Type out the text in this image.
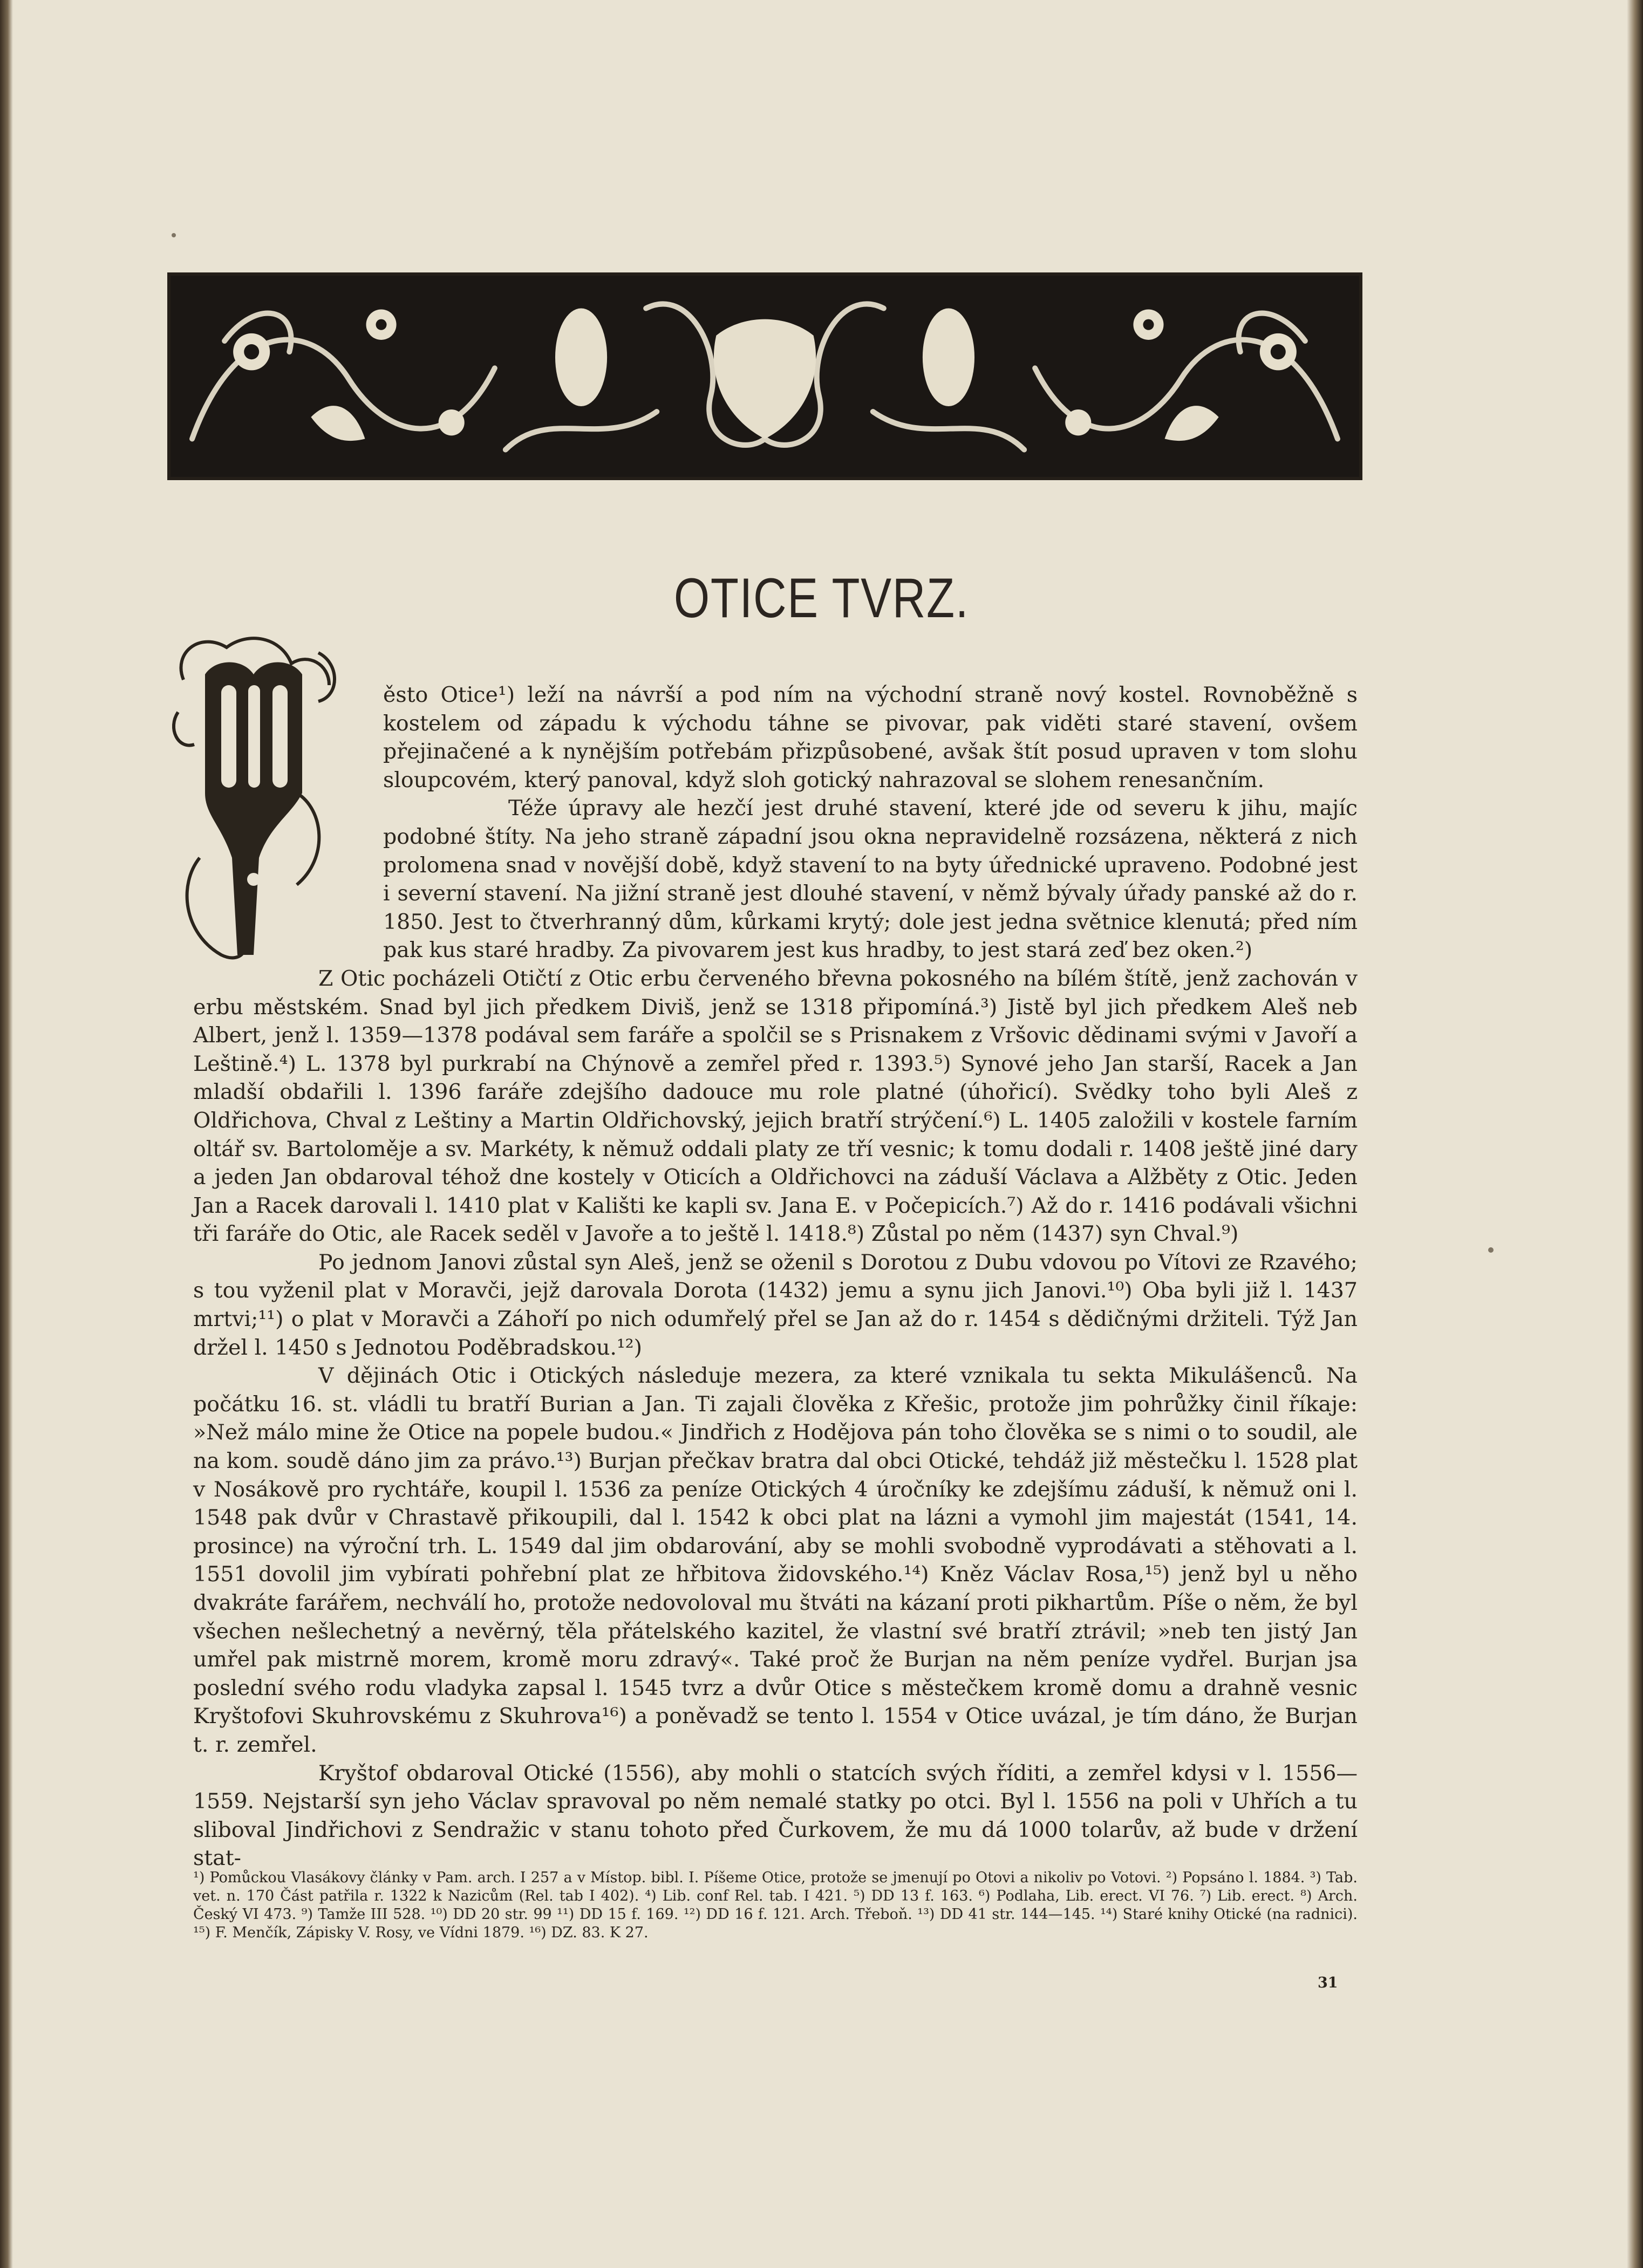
OTICE TVRZ.

ěsto Otice¹) leží na návrší a pod ním na východní straně nový kostel. Rovnoběžně s kostelem od západu k východu táhne se pivovar, pak viděti staré stavení, ovšem přejinačené a k nynějším potřebám přizpůsobené, avšak štít posud upraven v tom slohu sloupcovém, který panoval, když sloh gotický nahrazoval se slohem renesančním.

Téže úpravy ale hezčí jest druhé stavení, které jde od severu k jihu, majíc podobné štíty. Na jeho straně západní jsou okna nepravidelně rozsázena, některá z nich prolomena snad v novější době, když stavení to na byty úřednické upraveno. Podobné jest i severní stavení. Na jižní straně jest dlouhé stavení, v němž bývaly úřady panské až do r. 1850. Jest to čtverhranný dům, kůrkami krytý; dole jest jedna světnice klenutá; před ním pak kus staré hradby. Za pivovarem jest kus hradby, to jest stará zeď bez oken.²)

Z Otic pocházeli Otičtí z Otic erbu červeného břevna pokosného na bílém štítě, jenž zachován v erbu městském. Snad byl jich předkem Diviš, jenž se 1318 připomíná.³) Jistě byl jich předkem Aleš neb Albert, jenž l. 1359—1378 podával sem faráře a spolčil se s Prisnakem z Vršovic dědinami svými v Javoří a Leštině.⁴) L. 1378 byl purkrabí na Chýnově a zemřel před r. 1393.⁵) Synové jeho Jan starší, Racek a Jan mladší obdařili l. 1396 faráře zdejšího dadouce mu role platné (úhořicí). Svědky toho byli Aleš z Oldřichova, Chval z Leštiny a Martin Oldřichovský, jejich bratří strýčení.⁶) L. 1405 založili v kostele farním oltář sv. Bartoloměje a sv. Markéty, k němuž oddali platy ze tří vesnic; k tomu dodali r. 1408 ještě jiné dary a jeden Jan obdaroval téhož dne kostely v Oticích a Oldřichovci na záduší Václava a Alžběty z Otic. Jeden Jan a Racek darovali l. 1410 plat v Kališti ke kapli sv. Jana E. v Počepicích.⁷) Až do r. 1416 podávali všichni tři faráře do Otic, ale Racek seděl v Javoře a to ještě l. 1418.⁸) Zůstal po něm (1437) syn Chval.⁹)

Po jednom Janovi zůstal syn Aleš, jenž se oženil s Dorotou z Dubu vdovou po Vítovi ze Rzavého; s tou vyženil plat v Moravči, jejž darovala Dorota (1432) jemu a synu jich Janovi.¹⁰) Oba byli již l. 1437 mrtvi;¹¹) o plat v Moravči a Záhoří po nich odumřelý přel se Jan až do r. 1454 s dědičnými držiteli. Týž Jan držel l. 1450 s Jednotou Poděbradskou.¹²)

V dějinách Otic i Otických následuje mezera, za které vznikala tu sekta Mikulášenců. Na počátku 16. st. vládli tu bratří Burian a Jan. Ti zajali člověka z Křešic, protože jim pohrůžky činil říkaje: »Než málo mine že Otice na popele budou.« Jindřich z Hodějova pán toho člověka se s nimi o to soudil, ale na kom. soudě dáno jim za právo.¹³) Burjan přečkav bratra dal obci Otické, tehdáž již městečku l. 1528 plat v Nosákově pro rychtáře, koupil l. 1536 za peníze Otických 4 úročníky ke zdejšímu záduší, k němuž oni l. 1548 pak dvůr v Chrastavě přikoupili, dal l. 1542 k obci plat na lázni a vymohl jim majestát (1541, 14. prosince) na výroční trh. L. 1549 dal jim obdarování, aby se mohli svobodně vyprodávati a stěhovati a l. 1551 dovolil jim vybírati pohřební plat ze hřbitova židovského.¹⁴) Kněz Václav Rosa,¹⁵) jenž byl u něho dvakráte farářem, nechválí ho, protože nedovoloval mu štváti na kázaní proti pikhartům. Píše o něm, že byl všechen nešlechetný a nevěrný, těla přátelského kazitel, že vlastní své bratří ztrávil; »neb ten jistý Jan umřel pak mistrně morem, kromě moru zdravý«. Také proč že Burjan na něm peníze vydřel. Burjan jsa poslední svého rodu vladyka zapsal l. 1545 tvrz a dvůr Otice s městečkem kromě domu a drahně vesnic Kryštofovi Skuhrovskému z Skuhrova¹⁶) a poněvadž se tento l. 1554 v Otice uvázal, je tím dáno, že Burjan t. r. zemřel.

Kryštof obdaroval Otické (1556), aby mohli o statcích svých říditi, a zemřel kdysi v l. 1556—1559. Nejstarší syn jeho Václav spravoval po něm nemalé statky po otci. Byl l. 1556 na poli v Uhřích a tu sliboval Jindřichovi z Sendražic v stanu tohoto před Čurkovem, že mu dá 1000 tolarův, až bude v držení stat-

¹) Pomůckou Vlasákovy články v Pam. arch. I 257 a v Místop. bibl. I. Píšeme Otice, protože se jmenují po Otovi a nikoliv po Votovi. ²) Popsáno l. 1884. ³) Tab. vet. n. 170 Část patřila r. 1322 k Nazicům (Rel. tab I 402). ⁴) Lib. conf Rel. tab. I 421. ⁵) DD 13 f. 163. ⁶) Podlaha, Lib. erect. VI 76. ⁷) Lib. erect. ⁸) Arch. Český VI 473. ⁹) Tamže III 528. ¹⁰) DD 20 str. 99 ¹¹) DD 15 f. 169. ¹²) DD 16 f. 121. Arch. Třeboň. ¹³) DD 41 str. 144—145. ¹⁴) Staré knihy Otické (na radnici). ¹⁵) F. Menčík, Zápisky V. Rosy, ve Vídni 1879. ¹⁶) DZ. 83. K 27.
31
